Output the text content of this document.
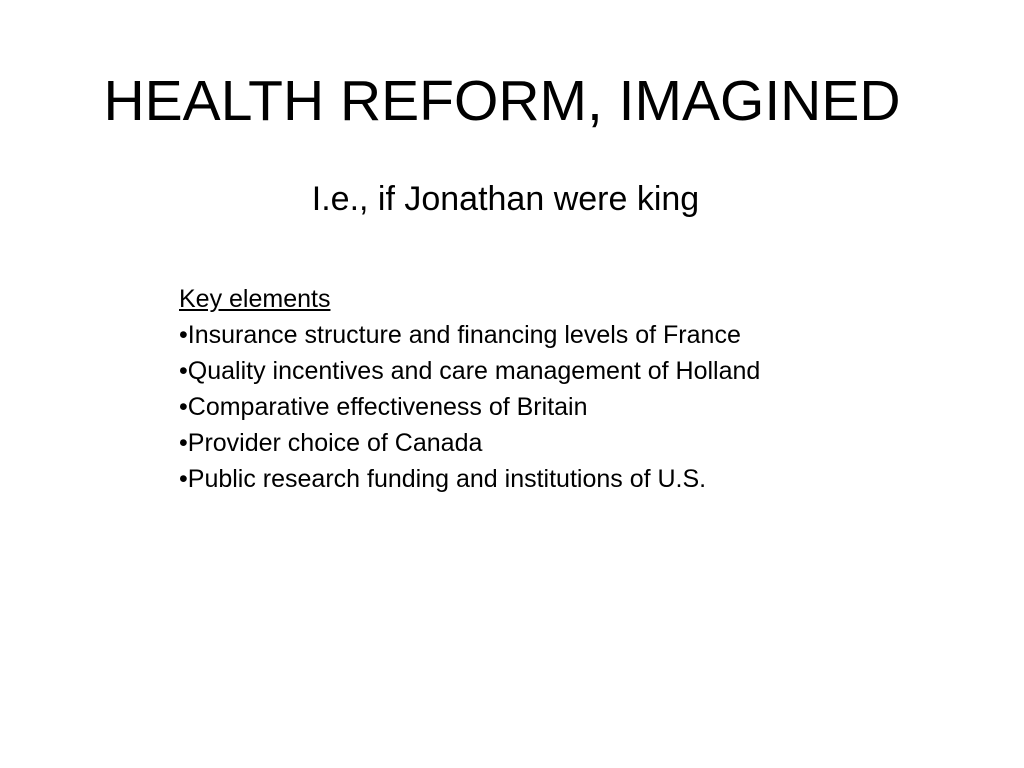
HEALTH REFORM, IMAGINED

I.e., if Jonathan were king

Key elements
•Insurance structure and financing levels of France
•Quality incentives and care management of Holland
•Comparative effectiveness of Britain
•Provider choice of Canada
•Public research funding and institutions of U.S.
